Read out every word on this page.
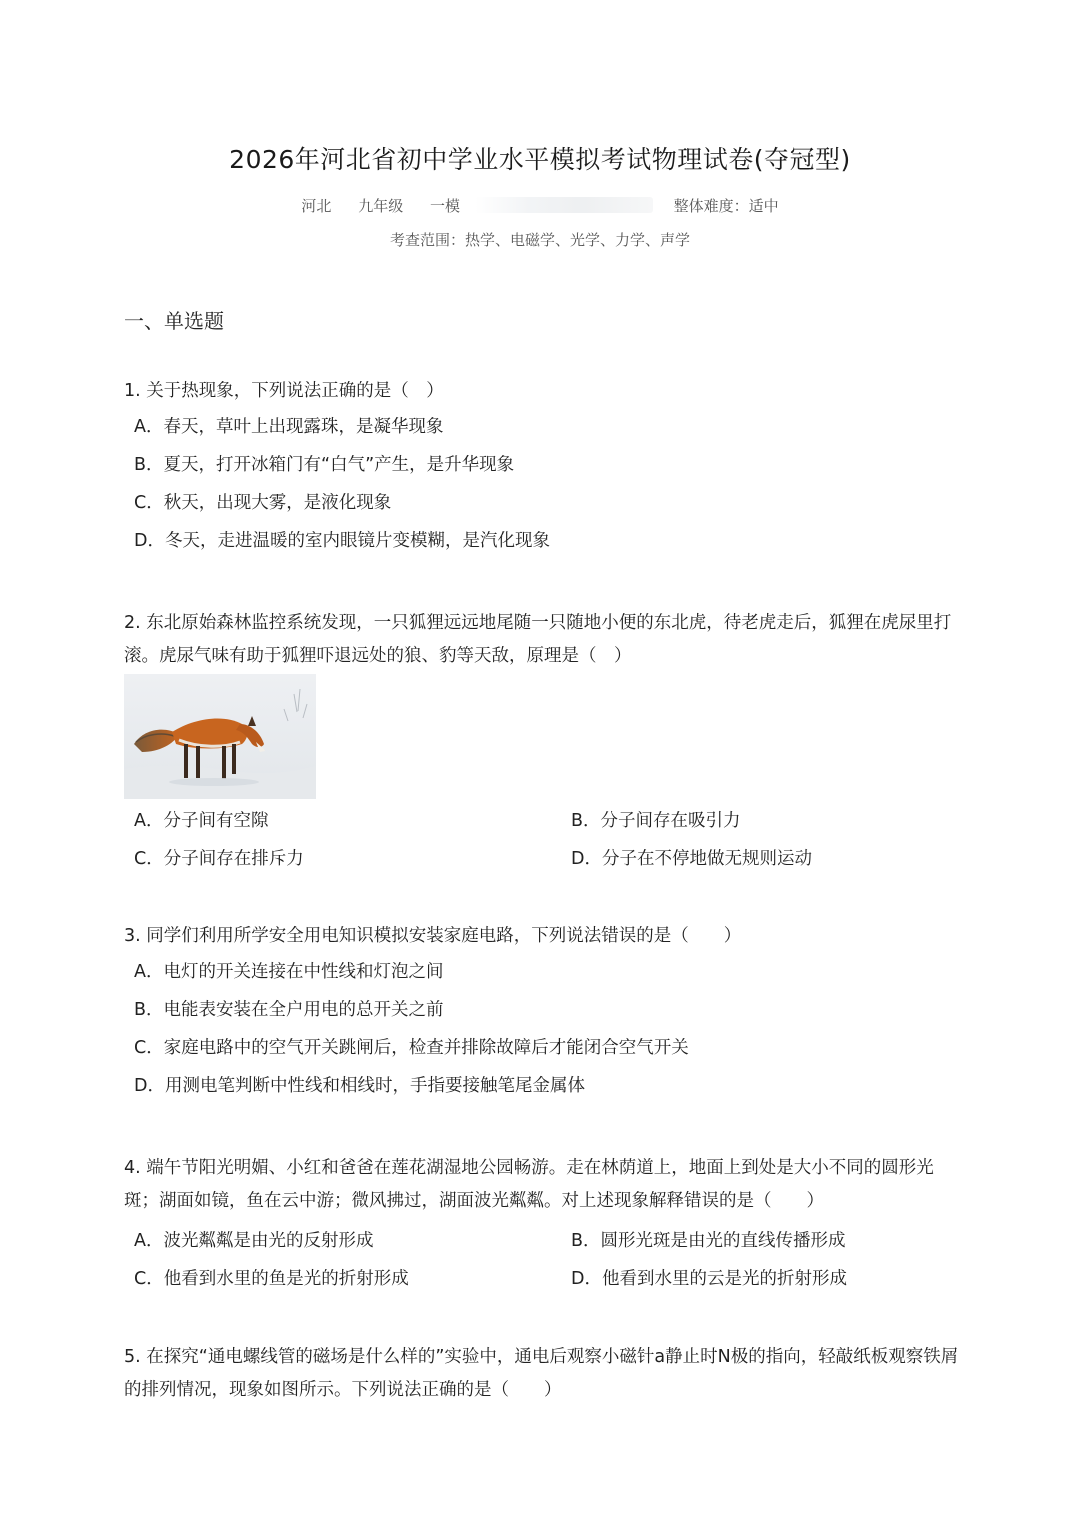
2026年河北省初中学业水平模拟考试物理试卷(夺冠型)
河北 九年级 一模	整体难度：适中
考查范围：热学、电磁学、光学、力学、声学
一、单选题

1. 关于热现象，下列说法正确的是（　）

A．春天，草叶上出现露珠，是凝华现象
B．夏天，打开冰箱门有“白气”产生，是升华现象
C．秋天，出现大雾，是液化现象
D．冬天，走进温暖的室内眼镜片变模糊，是汽化现象

2. 东北原始森林监控系统发现，一只狐狸远远地尾随一只随地小便的东北虎，待老虎走后，狐狸在虎尿里打

滚。虎尿气味有助于狐狸吓退远处的狼、豹等天敌，原理是（　）

A．分子间有空隙	B．分子间存在吸引力
C．分子间存在排斥力	D．分子在不停地做无规则运动

3. 同学们利用所学安全用电知识模拟安装家庭电路，下列说法错误的是（　　）

A．电灯的开关连接在中性线和灯泡之间
B．电能表安装在全户用电的总开关之前
C．家庭电路中的空气开关跳闸后，检查并排除故障后才能闭合空气开关
D．用测电笔判断中性线和相线时，手指要接触笔尾金属体

4. 端午节阳光明媚、小红和爸爸在莲花湖湿地公园畅游。走在林荫道上，地面上到处是大小不同的圆形光

斑；湖面如镜，鱼在云中游；微风拂过，湖面波光粼粼。对上述现象解释错误的是（　　）

A．波光粼粼是由光的反射形成	B．圆形光斑是由光的直线传播形成
C．他看到水里的鱼是光的折射形成	D．他看到水里的云是光的折射形成

5. 在探究“通电螺线管的磁场是什么样的”实验中，通电后观察小磁针a静止时N极的指向，轻敲纸板观察铁屑

的排列情况，现象如图所示。下列说法正确的是（　　）
